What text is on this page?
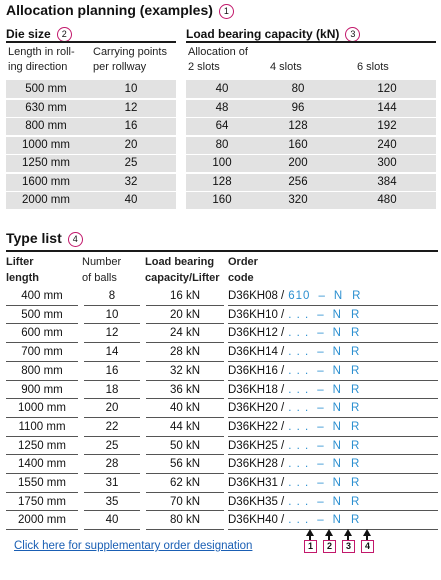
Allocation planning (examples) 1
Die size 2	Load bearing capacity (kN) 3
Length in roll-
ing direction
Carrying points
per rollway
Allocation of
2 slots	4 slots	6 slots
500 mm	10	40	80	120
630 mm	12	48	96	144
800 mm	16	64	128	192
1000 mm	20	80	160	240
1250 mm	25	100	200	300
1600 mm	32	128	256	384
2000 mm	40	160	320	480
Type list 4
Lifter
length
Number
of balls
Load bearing
capacity/Lifter
Order
code
400 mm	8	16 kN	D36KH08 / 610 – N R
500 mm	10	20 kN	D36KH10 / . . . – N R
600 mm	12	24 kN	D36KH12 / . . . – N R
700 mm	14	28 kN	D36KH14 / . . . – N R
800 mm	16	32 kN	D36KH16 / . . . – N R
900 mm	18	36 kN	D36KH18 / . . . – N R
1000 mm	20	40 kN	D36KH20 / . . . – N R
1100 mm	22	44 kN	D36KH22 / . . . – N R
1250 mm	25	50 kN	D36KH25 / . . . – N R
1400 mm	28	56 kN	D36KH28 / . . . – N R
1550 mm	31	62 kN	D36KH31 / . . . – N R
1750 mm	35	70 kN	D36KH35 / . . . – N R
2000 mm	40	80 kN	D36KH40 / . . . – N R
Click here for supplementary order designation	1	2	3	4
